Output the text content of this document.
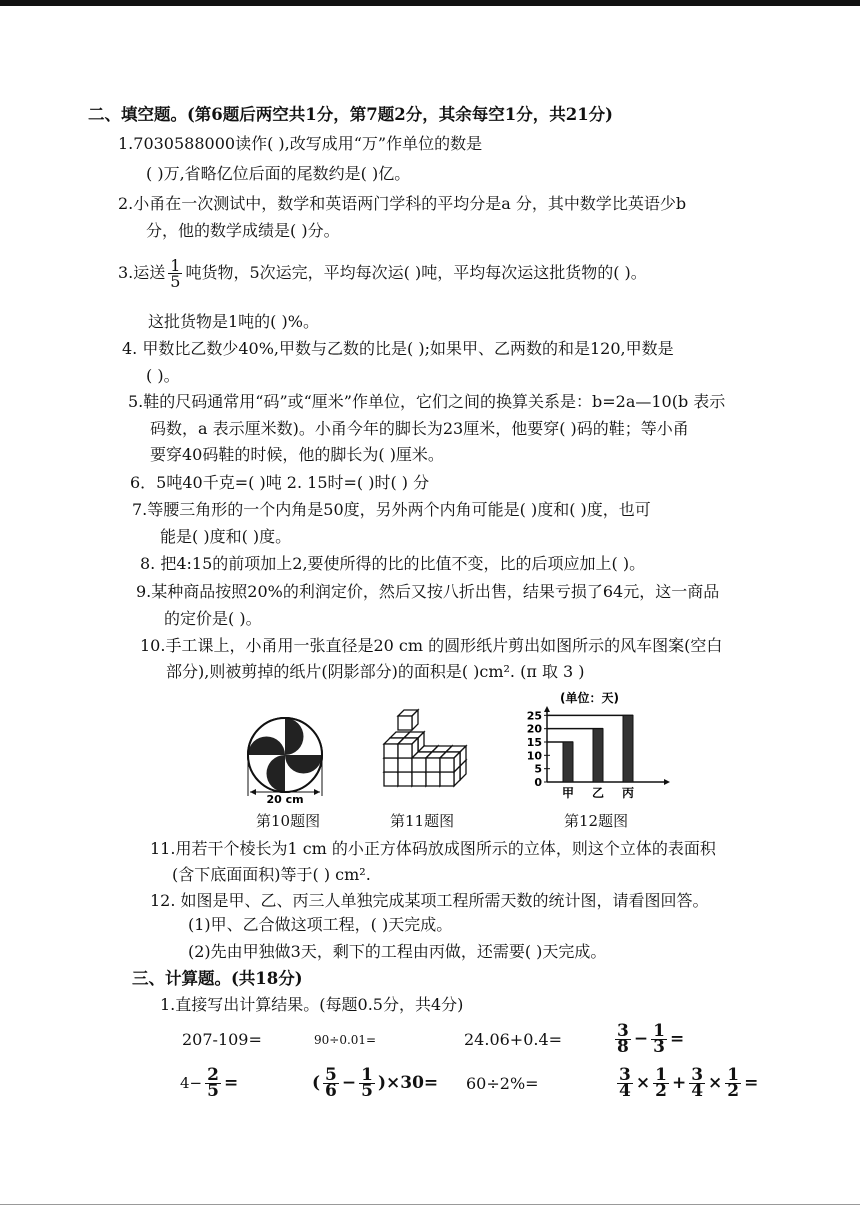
二、填空题。(第6题后两空共1分，第7题2分，其余每空1分，共21分)
1.7030588000读作( ),改写成用“万”作单位的数是
( )万,省略亿位后面的尾数约是( )亿。
2.小甬在一次测试中，数学和英语两门学科的平均分是a 分，其中数学比英语少b
分，他的数学成绩是( )分。
3.运送 $\frac{1}{5}$ 吨货物，5次运完，平均每次运( )吨，平均每次运这批货物的( )。
这批货物是1吨的( )%。
4. 甲数比乙数少40%,甲数与乙数的比是( );如果甲、乙两数的和是120,甲数是
( )。
5.鞋的尺码通常用“码”或“厘米”作单位，它们之间的换算关系是：b=2a—10(b 表示
码数，a 表示厘米数)。小甬今年的脚长为23厘米，他要穿( )码的鞋；等小甬
要穿40码鞋的时候，他的脚长为( )厘米。
6．5吨40千克=( )吨 2. 15时=( )时( ) 分
7.等腰三角形的一个内角是50度，另外两个内角可能是( )度和( )度，也可
能是( )度和( )度。
8. 把4:15的前项加上2,要使所得的比的比值不变，比的后项应加上( )。
9.某种商品按照20%的利润定价，然后又按八折出售，结果亏损了64元，这一商品
的定价是( )。
10.手工课上，小甬用一张直径是20 cm 的圆形纸片剪出如图所示的风车图案(空白
部分),则被剪掉的纸片(阴影部分)的面积是( )cm². (π 取 3 )
20 cm
第10题图	第11题图
(单位：天)
0
5
10
15
20
25
甲 乙 丙
第12题图
11.用若干个棱长为1 cm 的小正方体码放成图所示的立体，则这个立体的表面积
(含下底面面积)等于( ) cm².
12. 如图是甲、乙、丙三人单独完成某项工程所需天数的统计图，请看图回答。
(1)甲、乙合做这项工程，( )天完成。
(2)先由甲独做3天，剩下的工程由丙做，还需要( )天完成。
三、计算题。(共18分)
1.直接写出计算结果。(每题0.5分，共4分)
207-109=	90÷0.01=	24.06+0.4=	$\frac{3}{8} - \frac{1}{3}$ =
$4- \frac{2}{5}$ =	( $\frac{5}{6} - \frac{1}{5} )\times 30= 60\div 2\%=$	$\frac{3}{4} \times \frac{1}{2} + \frac{3}{4} \times \frac{1}{2}$ =
